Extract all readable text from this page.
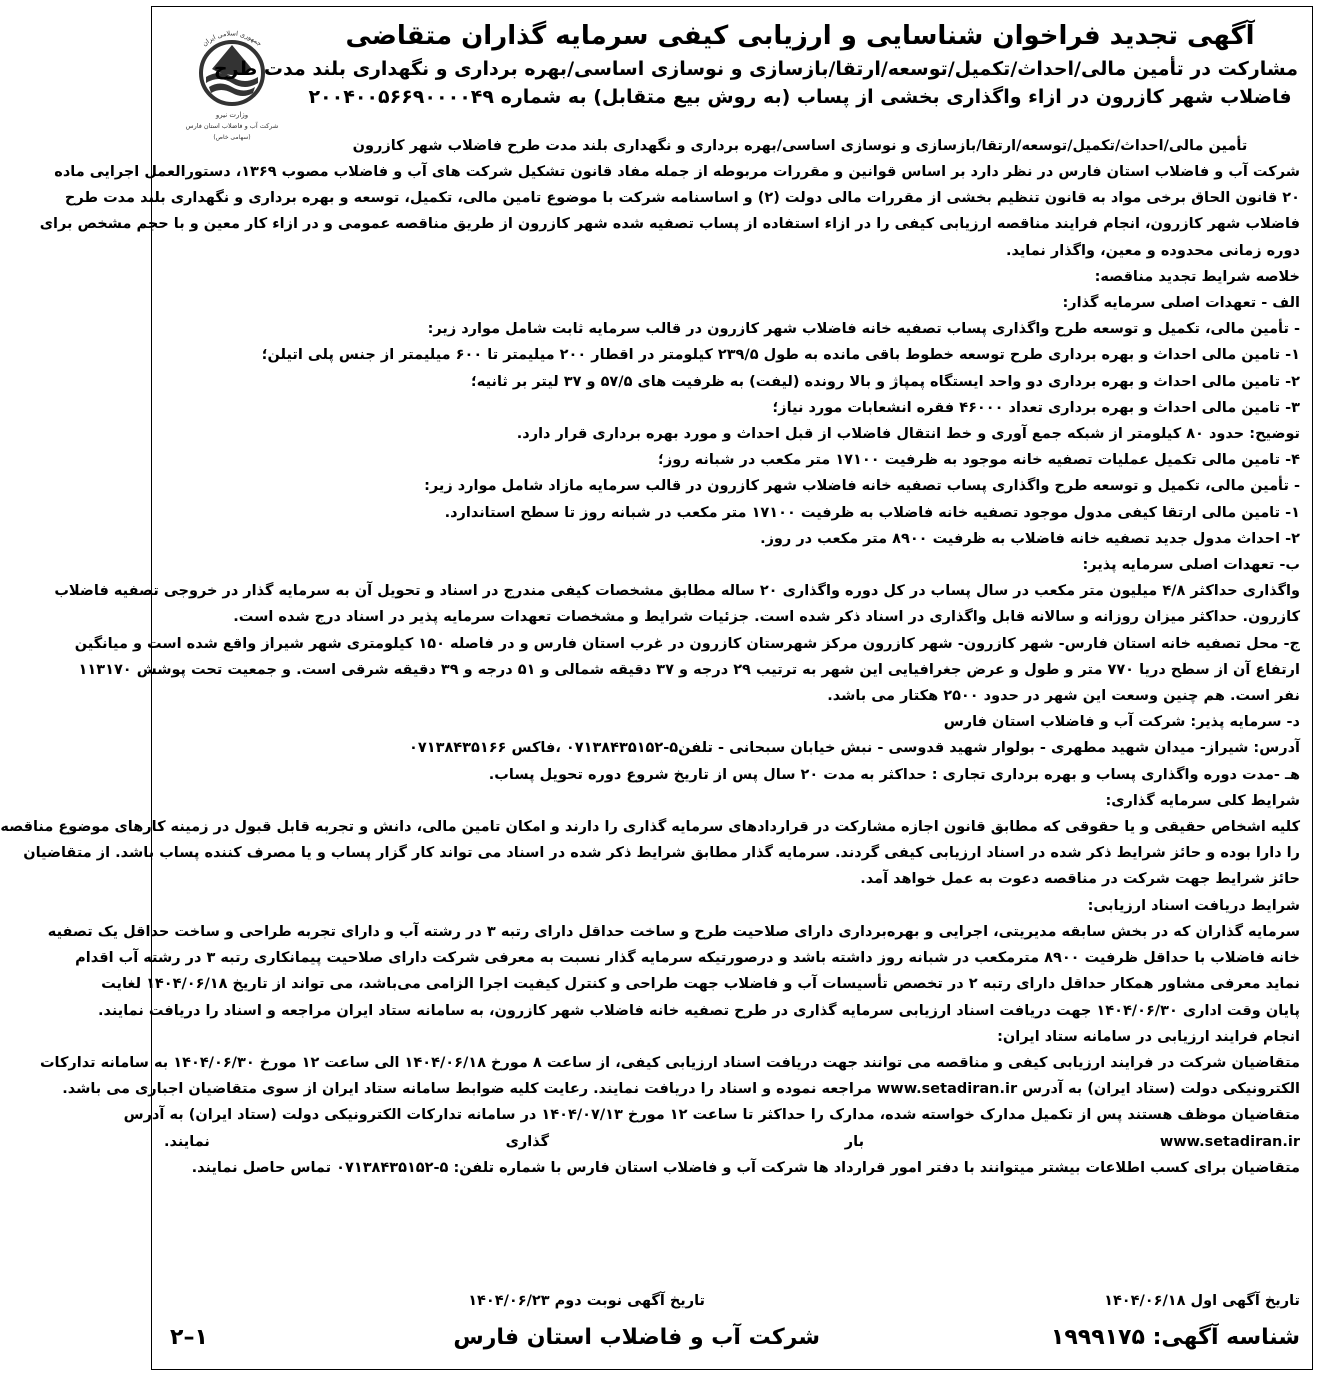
جمهوری اسلامی ایران
وزارت نیرو
شرکت آب و فاضلاب استان فارس
(سهامی خاص)
آگهی تجدید فراخوان شناسایی و ارزیابی کیفی سرمایه گذاران متقاضی
مشارکت در تأمین مالی/احداث/تکمیل/توسعه/ارتقا/بازسازی و نوسازی اساسی/بهره برداری و نگهداری بلند مدت طرح
فاضلاب شهر کازرون در ازاء واگذاری بخشی از پساب (به روش بیع متقابل) به شماره ۲۰۰۴۰۰۵۶۶۹۰۰۰۰۴۹
تأمین مالی/احداث/تکمیل/توسعه/ارتقا/بازسازی و نوسازی اساسی/بهره برداری و نگهداری بلند مدت طرح فاضلاب شهر کازرون
شرکت آب و فاضلاب استان فارس در نظر دارد بر اساس قوانین و مقررات مربوطه از جمله مفاد قانون تشکیل شرکت های آب و فاضلاب مصوب ۱۳۶۹، دستورالعمل اجرایی ماده
۲۰ قانون الحاق برخی مواد به قانون تنظیم بخشی از مقررات مالی دولت (۲) و اساسنامه شرکت با موضوع تامین مالی، تکمیل، توسعه و بهره برداری و نگهداری بلند مدت طرح
فاضلاب شهر کازرون، انجام فرایند مناقصه ارزیابی کیفی را در ازاء استفاده از پساب تصفیه شده شهر کازرون از طریق مناقصه عمومی و در ازاء کار معین و با حجم مشخص برای
دوره زمانی محدوده و معین، واگذار نماید.
خلاصه شرایط تجدید مناقصه:
الف - تعهدات اصلی سرمایه گذار:
- تأمین مالی، تکمیل و توسعه طرح واگذاری پساب تصفیه خانه فاضلاب شهر کازرون در قالب سرمایه ثابت شامل موارد زیر:
۱- تامین مالی احداث و بهره برداری طرح توسعه خطوط باقی مانده به طول ۲۳۹/۵ کیلومتر در اقطار ۲۰۰ میلیمتر تا ۶۰۰ میلیمتر از جنس پلی اتیلن؛
۲- تامین مالی احداث و بهره برداری دو واحد ایستگاه پمپاژ و بالا رونده (لیفت) به ظرفیت های ۵۷/۵ و ۳۷ لیتر بر ثانیه؛
۳- تامین مالی احداث و بهره برداری تعداد ۴۶۰۰۰ فقره انشعابات مورد نیاز؛
توضیح: حدود ۸۰ کیلومتر از شبکه جمع آوری و خط انتقال فاضلاب از قبل احداث و مورد بهره برداری قرار دارد.
۴- تامین مالی تکمیل عملیات تصفیه خانه موجود به ظرفیت ۱۷۱۰۰ متر مکعب در شبانه روز؛
- تأمین مالی، تکمیل و توسعه طرح واگذاری پساب تصفیه خانه فاضلاب شهر کازرون در قالب سرمایه مازاد شامل موارد زیر:
۱- تامین مالی ارتقا کیفی مدول موجود تصفیه خانه فاضلاب به ظرفیت ۱۷۱۰۰ متر مکعب در شبانه روز تا سطح استاندارد.
۲- احداث مدول جدید تصفیه خانه فاضلاب به ظرفیت ۸۹۰۰ متر مکعب در روز.
ب- تعهدات اصلی سرمایه پذیر:
واگذاری حداکثر ۴/۸ میلیون متر مکعب در سال پساب در کل دوره واگذاری ۲۰ ساله مطابق مشخصات کیفی مندرج در اسناد و تحویل آن به سرمایه گذار در خروجی تصفیه فاضلاب
کازرون. حداکثر میزان روزانه و سالانه قابل واگذاری در اسناد ذکر شده است. جزئیات شرایط و مشخصات تعهدات سرمایه پذیر در اسناد درج شده است.
ج- محل تصفیه خانه استان فارس- شهر کازرون- شهر کازرون مرکز شهرستان کازرون در غرب استان فارس و در فاصله ۱۵۰ کیلومتری شهر شیراز واقع شده است و میانگین
ارتفاع آن از سطح دریا ۷۷۰ متر و طول و عرض جغرافیایی این شهر به ترتیب ۲۹ درجه و ۳۷ دقیقه شمالی و ۵۱ درجه و ۳۹ دقیقه شرقی است. و جمعیت تحت پوشش ۱۱۳۱۷۰
نفر است. هم چنین وسعت این شهر در حدود ۲۵۰۰ هکتار می باشد.
د- سرمایه پذیر: شرکت آب و فاضلاب استان فارس
آدرس: شیراز- میدان شهید مطهری - بولوار شهید قدوسی - نبش خیابان سبحانی - تلفن۵-۰۷۱۳۸۴۳۵۱۵۲ ،فاکس ۰۷۱۳۸۴۳۵۱۶۶
هـ -مدت دوره واگذاری پساب و بهره برداری تجاری : حداکثر به مدت ۲۰ سال پس از تاریخ شروع دوره تحویل پساب.
شرایط کلی سرمایه گذاری:
کلیه اشخاص حقیقی و یا حقوقی که مطابق قانون اجازه مشارکت در قراردادهای سرمایه گذاری را دارند و امکان تامین مالی، دانش و تجربه قابل قبول در زمینه کارهای موضوع مناقصه
را دارا بوده و حائز شرایط ذکر شده در اسناد ارزیابی کیفی گردند. سرمایه گذار مطابق شرایط ذکر شده در اسناد می تواند کار گزار پساب و یا مصرف کننده پساب باشد. از متقاضیان
حائز شرایط جهت شرکت در مناقصه دعوت به عمل خواهد آمد.
شرایط دریافت اسناد ارزیابی:
سرمایه گذاران که در بخش سابقه مدیریتی، اجرایی و بهره‌برداری دارای صلاحیت طرح و ساخت حداقل دارای رتبه ۳ در رشته آب و دارای تجربه طراحی و ساخت حداقل یک تصفیه
خانه فاضلاب با حداقل ظرفیت ۸۹۰۰ مترمکعب در شبانه روز داشته باشد و درصورتیکه سرمایه گذار نسبت به معرفی شرکت دارای صلاحیت پیمانکاری رتبه ۳ در رشته آب اقدام
نماید معرفی مشاور همکار حداقل دارای رتبه ۲ در تخصص تأسیسات آب و فاضلاب جهت طراحی و کنترل کیفیت اجرا الزامی می‌باشد، می تواند از تاریخ ۱۴۰۴/۰۶/۱۸ لغایت
پایان وقت اداری ۱۴۰۴/۰۶/۳۰ جهت دریافت اسناد ارزیابی سرمایه گذاری در طرح تصفیه خانه فاضلاب شهر کازرون، به سامانه ستاد ایران مراجعه و اسناد را دریافت نمایند.
انجام فرایند ارزیابی در سامانه ستاد ایران:
متقاضیان شرکت در فرایند ارزیابی کیفی و مناقصه می توانند جهت دریافت اسناد ارزیابی کیفی، از ساعت ۸ مورخ ۱۴۰۴/۰۶/۱۸ الی ساعت ۱۲ مورخ ۱۴۰۴/۰۶/۳۰ به سامانه تدارکات
الکترونیکی دولت (ستاد ایران) به آدرس www.setadiran.ir مراجعه نموده و اسناد را دریافت نمایند. رعایت کلیه ضوابط سامانه ستاد ایران از سوی متقاضیان اجباری می باشد.
متقاضیان موظف هستند پس از تکمیل مدارک خواسته شده، مدارک را حداکثر تا ساعت ۱۲ مورخ ۱۴۰۴/۰۷/۱۳ در سامانه تدارکات الکترونیکی دولت (ستاد ایران) به آدرس
www.setadiran.ir بار گذاری نمایند.
متقاضیان برای کسب اطلاعات بیشتر میتوانند با دفتر امور قرارداد ها شرکت آب و فاضلاب استان فارس با شماره تلفن: ۵-۰۷۱۳۸۴۳۵۱۵۲ تماس حاصل نمایند.
تاریخ آگهی اول ۱۴۰۴/۰۶/۱۸
تاریخ آگهی نوبت دوم ۱۴۰۴/۰۶/۲۳
شناسه آگهی: ۱۹۹۹۱۷۵
شرکت آب و فاضلاب استان فارس
۱–۲
